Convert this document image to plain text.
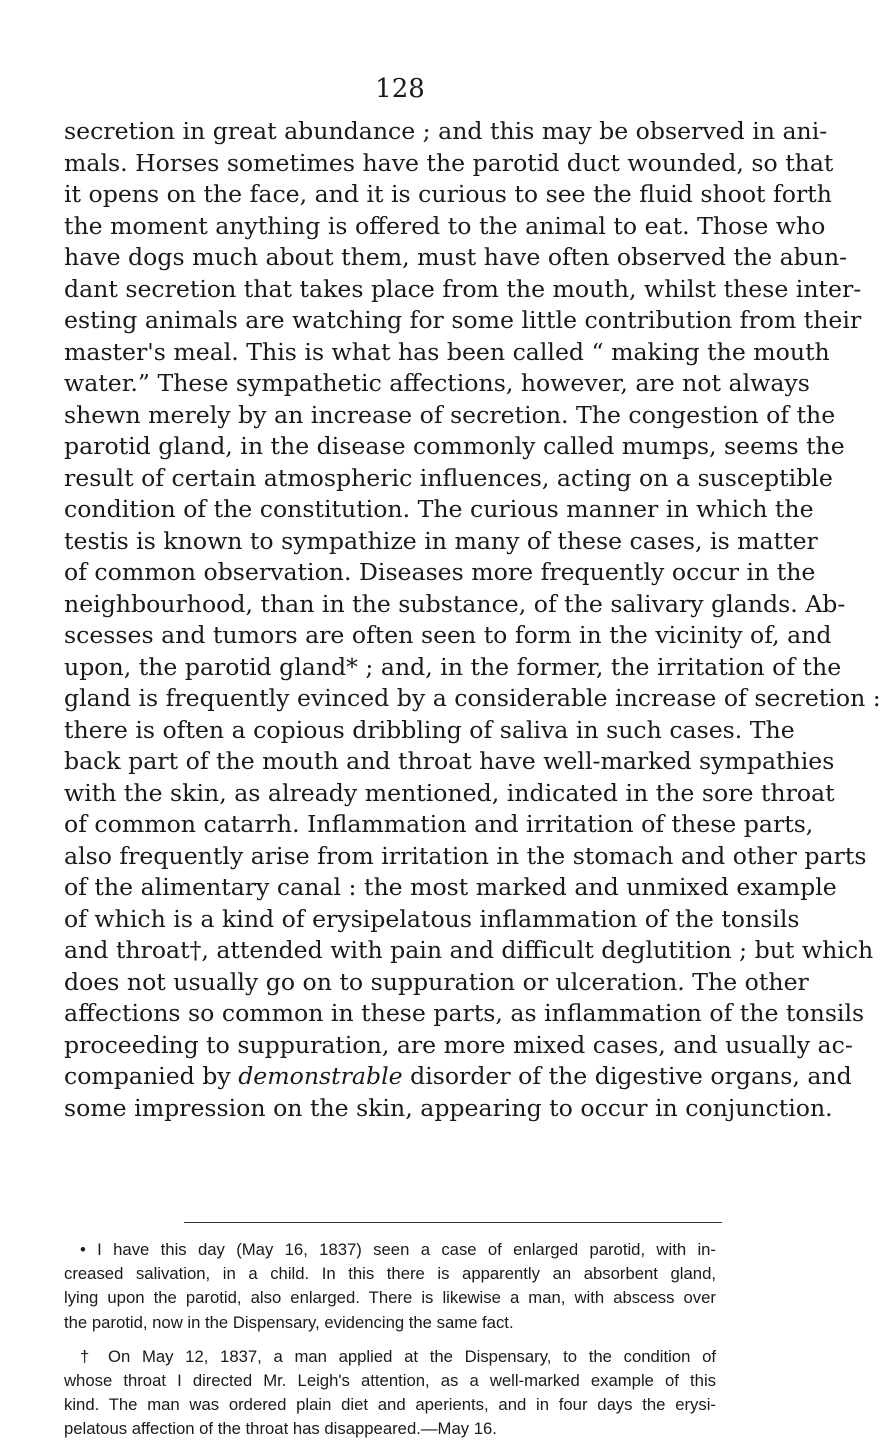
128
secretion in great abundance ; and this may be observed in ani-
mals. Horses sometimes have the parotid duct wounded, so that
it opens on the face, and it is curious to see the fluid shoot forth
the moment anything is offered to the animal to eat. Those who
have dogs much about them, must have often observed the abun-
dant secretion that takes place from the mouth, whilst these inter-
esting animals are watching for some little contribution from their
master's meal. This is what has been called “ making the mouth
water.” These sympathetic affections, however, are not always
shewn merely by an increase of secretion. The congestion of the
parotid gland, in the disease commonly called mumps, seems the
result of certain atmospheric influences, acting on a susceptible
condition of the constitution. The curious manner in which the
testis is known to sympathize in many of these cases, is matter
of common observation. Diseases more frequently occur in the
neighbourhood, than in the substance, of the salivary glands. Ab-
scesses and tumors are often seen to form in the vicinity of, and
upon, the parotid gland* ; and, in the former, the irritation of the
gland is frequently evinced by a considerable increase of secretion :
there is often a copious dribbling of saliva in such cases. The
back part of the mouth and throat have well-marked sympathies
with the skin, as already mentioned, indicated in the sore throat
of common catarrh. Inflammation and irritation of these parts,
also frequently arise from irritation in the stomach and other parts
of the alimentary canal : the most marked and unmixed example
of which is a kind of erysipelatous inflammation of the tonsils
and throat†, attended with pain and difficult deglutition ; but which
does not usually go on to suppuration or ulceration. The other
affections so common in these parts, as inflammation of the tonsils
proceeding to suppuration, are more mixed cases, and usually ac-
companied by demonstrable disorder of the digestive organs, and
some impression on the skin, appearing to occur in conjunction.
• I have this day (May 16, 1837) seen a case of enlarged parotid, with in-
creased salivation, in a child. In this there is apparently an absorbent gland,
lying upon the parotid, also enlarged. There is likewise a man, with abscess over
the parotid, now in the Dispensary, evidencing the same fact.
† On May 12, 1837, a man applied at the Dispensary, to the condition of
whose throat I directed Mr. Leigh's attention, as a well-marked example of this
kind. The man was ordered plain diet and aperients, and in four days the erysi-
pelatous affection of the throat has disappeared.—May 16.
